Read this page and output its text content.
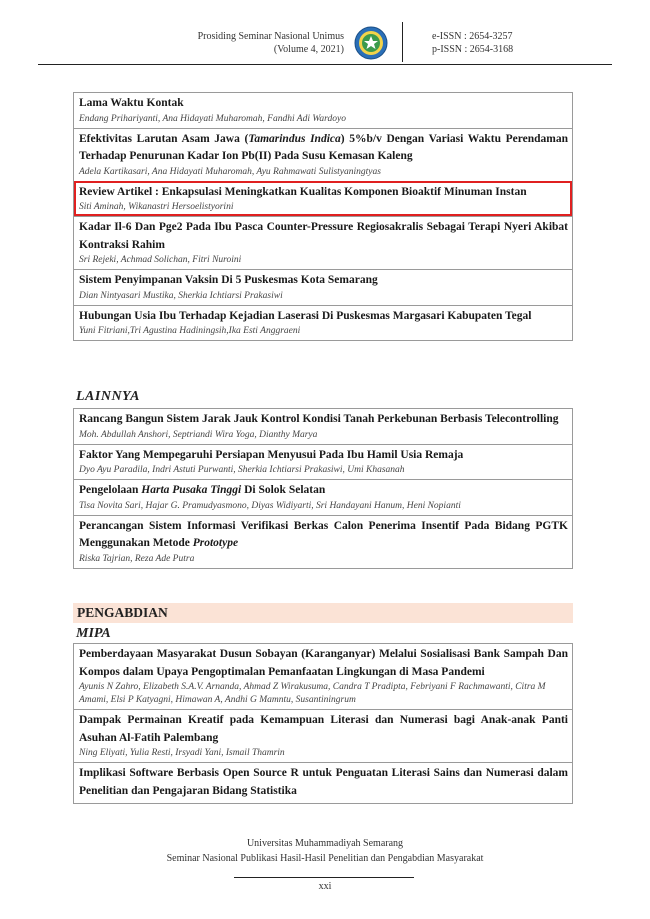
Prosiding Seminar Nasional Unimus
(Volume 4, 2021)
e-ISSN : 2654-3257
p-ISSN : 2654-3168
Lama Waktu Kontak
Endang Prihariyanti, Ana Hidayati Muharomah, Fandhi Adi Wardoyo
Efektivitas Larutan Asam Jawa (Tamarindus Indica) 5%b/v Dengan Variasi Waktu Perendaman Terhadap Penurunan Kadar Ion Pb(II) Pada Susu Kemasan Kaleng
Adela Kartikasari, Ana Hidayati Muharomah, Ayu Rahmawati Sulistyaningtyas
Review Artikel : Enkapsulasi Meningkatkan Kualitas Komponen Bioaktif Minuman Instan
Siti Aminah, Wikanastri Hersoelistyorini
Kadar Il-6 Dan Pge2 Pada Ibu Pasca Counter-Pressure Regiosakralis Sebagai Terapi Nyeri Akibat Kontraksi Rahim
Sri Rejeki, Achmad Solichan, Fitri Nuroini
Sistem Penyimpanan Vaksin Di 5 Puskesmas Kota Semarang
Dian Nintyasari Mustika, Sherkia Ichtiarsi Prakasiwi
Hubungan Usia Ibu Terhadap Kejadian Laserasi Di Puskesmas Margasari Kabupaten Tegal
Yuni Fitriani,Tri Agustina Hadiningsih,Ika Esti Anggraeni
LAINNYA
Rancang Bangun Sistem Jarak Jauk Kontrol Kondisi Tanah Perkebunan Berbasis Telecontrolling
Moh. Abdullah Anshori, Septriandi Wira Yoga, Dianthy Marya
Faktor Yang Mempegaruhi Persiapan Menyusui Pada Ibu Hamil Usia Remaja
Dyo Ayu Paradila, Indri Astuti Purwanti, Sherkia Ichtiarsi Prakasiwi, Umi Khasanah
Pengelolaan Harta Pusaka Tinggi Di Solok Selatan
Tisa Novita Sari, Hajar G. Pramudyasmono, Diyas Widiyarti, Sri Handayani Hanum, Heni Nopianti
Perancangan Sistem Informasi Verifikasi Berkas Calon Penerima Insentif Pada Bidang PGTK Menggunakan Metode Prototype
Riska Tajrian, Reza Ade Putra
PENGABDIAN
MIPA
Pemberdayaan Masyarakat Dusun Sobayan (Karanganyar) Melalui Sosialisasi Bank Sampah Dan Kompos dalam Upaya Pengoptimalan Pemanfaatan Lingkungan di Masa Pandemi
Ayunis N Zahro, Elizabeth S.A.V. Arnanda, Ahmad Z Wirakusuma, Candra T Pradipta, Febriyani F Rachmawanti, Citra M Amami, Elsi P Katyagni, Himawan A, Andhi G Mamntu, Susantiningrum
Dampak Permainan Kreatif pada Kemampuan Literasi dan Numerasi bagi Anak-anak Panti Asuhan Al-Fatih Palembang
Ning Eliyati, Yulia Resti, Irsyadi Yani, Ismail Thamrin
Implikasi Software Berbasis Open Source R untuk Penguatan Literasi Sains dan Numerasi dalam Penelitian dan Pengajaran Bidang Statistika
Universitas Muhammadiyah Semarang
Seminar Nasional Publikasi Hasil-Hasil Penelitian dan Pengabdian Masyarakat
xxi
